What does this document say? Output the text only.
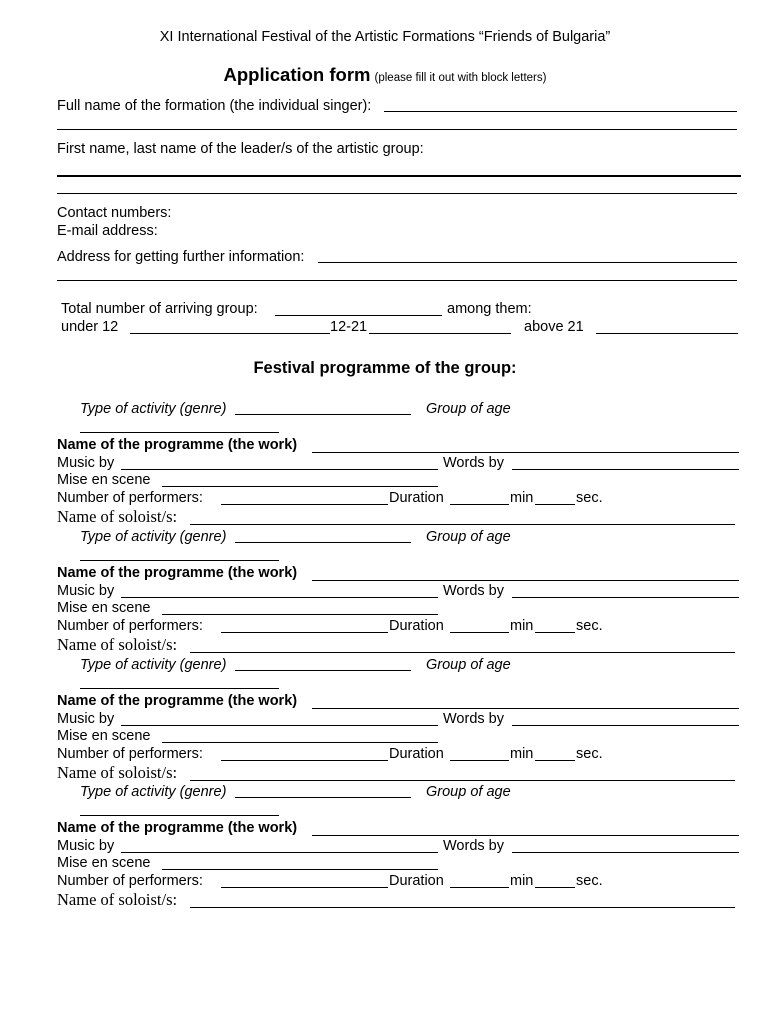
XI International Festival of the Artistic Formations “Friends of Bulgaria”
Application form (please fill it out with block letters)
Full name of the formation (the individual singer):
First name, last name of the leader/s of the artistic group:
Contact numbers:
E-mail address:
Address for getting further information:
Total number of arriving group:	among them:
under 12	12-21	above 21
Festival programme of the group:
Type of activity (genre)	Group of age
Name of the programme (the work)
Music by	Words by
Mise en scene
Number of performers:	Duration	min	sec.
Name of soloist/s:
Type of activity (genre)	Group of age
Name of the programme (the work)
Music by	Words by
Mise en scene
Number of performers:	Duration	min	sec.
Name of soloist/s:
Type of activity (genre)	Group of age
Name of the programme (the work)
Music by	Words by
Mise en scene
Number of performers:	Duration	min	sec.
Name of soloist/s:
Type of activity (genre)	Group of age
Name of the programme (the work)
Music by	Words by
Mise en scene
Number of performers:	Duration	min	sec.
Name of soloist/s:
